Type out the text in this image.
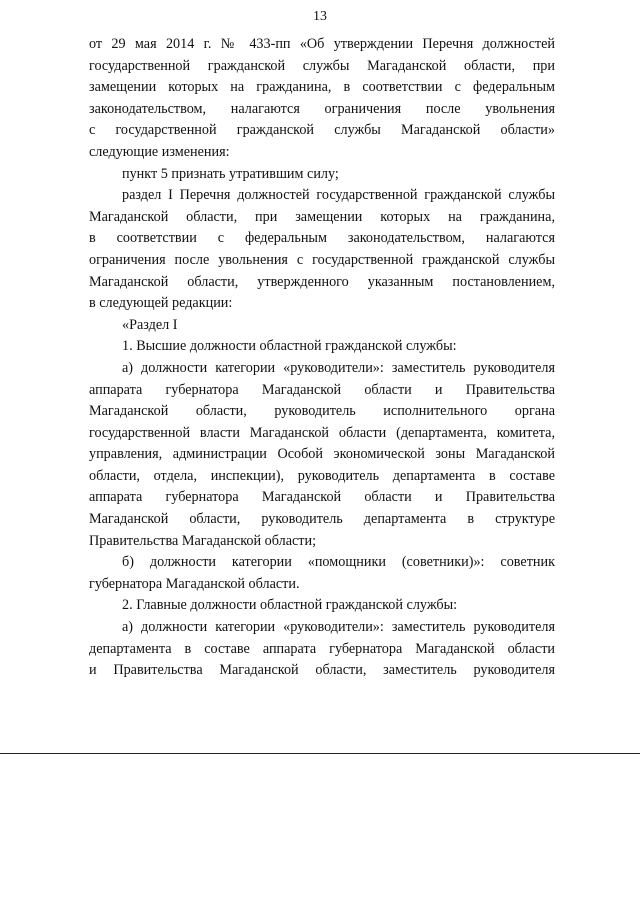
13

от 29 мая 2014 г. № 433-пп «Об утверждении Перечня должностей
государственной гражданской службы Магаданской области, при
замещении которых на гражданина, в соответствии с федеральным
законодательством, налагаются ограничения после увольнения
с государственной гражданской службы Магаданской области»
следующие изменения:

пункт 5 признать утратившим силу;

раздел I Перечня должностей государственной гражданской службы
Магаданской области, при замещении которых на гражданина,
в соответствии с федеральным законодательством, налагаются
ограничения после увольнения с государственной гражданской службы
Магаданской области, утвержденного указанным постановлением,
в следующей редакции:

«Раздел I

1. Высшие должности областной гражданской службы:

а) должности категории «руководители»: заместитель руководителя
аппарата губернатора Магаданской области и Правительства
Магаданской области, руководитель исполнительного органа
государственной власти Магаданской области (департамента, комитета,
управления, администрации Особой экономической зоны Магаданской
области, отдела, инспекции), руководитель департамента в составе
аппарата губернатора Магаданской области и Правительства
Магаданской области, руководитель департамента в структуре
Правительства Магаданской области;

б) должности категории «помощники (советники)»: советник
губернатора Магаданской области.

2. Главные должности областной гражданской службы:

а) должности категории «руководители»: заместитель руководителя
департамента в составе аппарата губернатора Магаданской области
и Правительства Магаданской области, заместитель руководителя
